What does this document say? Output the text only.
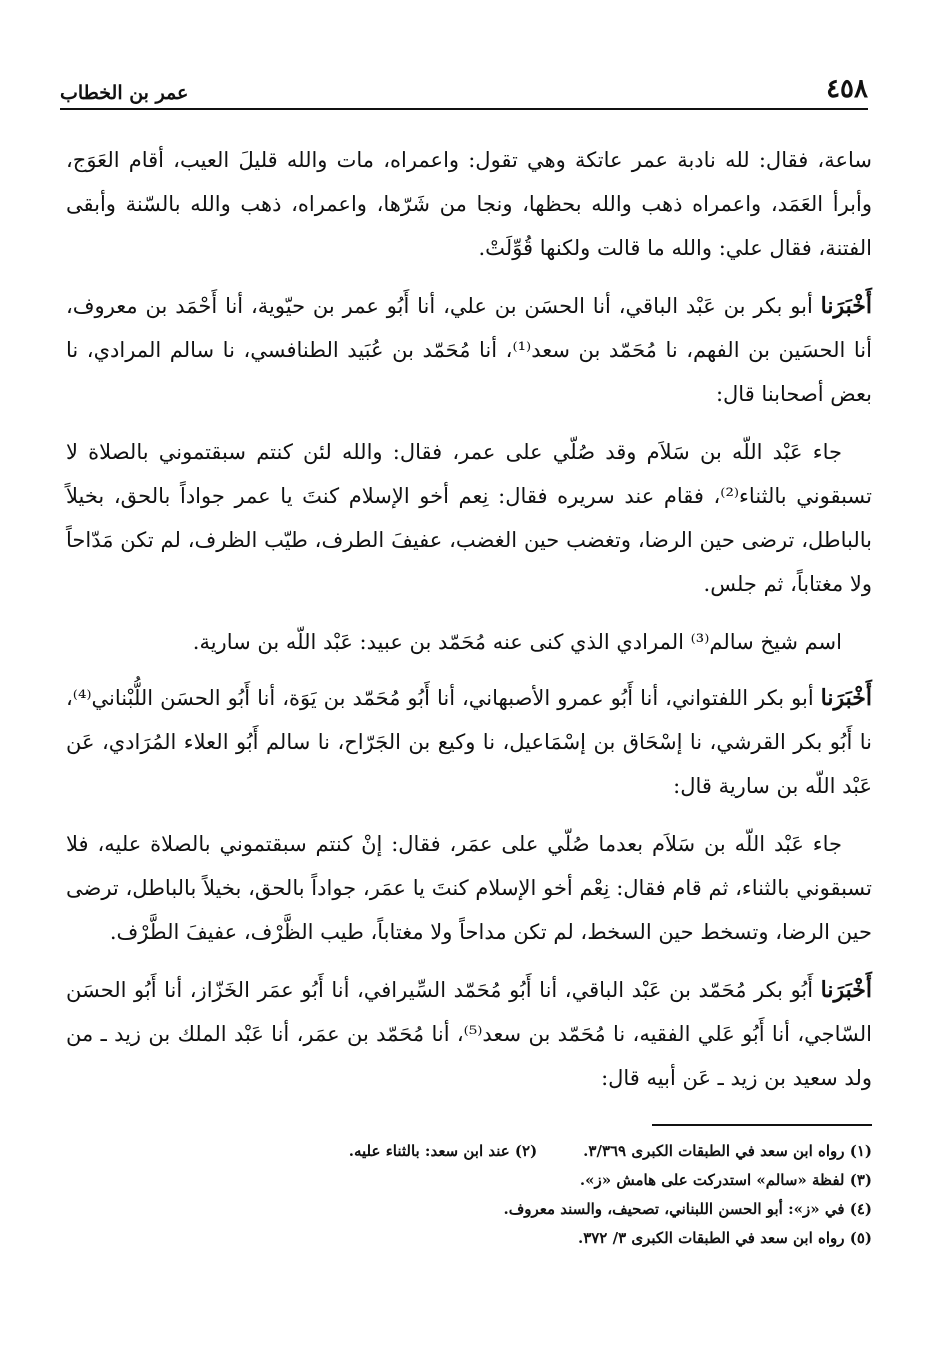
٤٥٨
عمر بن الخطاب

ساعة، فقال: لله نادبة عمر عاتكة وهي تقول: واعمراه، مات والله قليلَ العيب، أقام العَوَج، وأبرأ العَمَد، واعمراه ذهب والله بحظها، ونجا من شَرّها، واعمراه، ذهب والله بالسّنة وأبقى الفتنة، فقال علي: والله ما قالت ولكنها قُوِّلَتْ.

أَخْبَرَنا أبو بكر بن عَبْد الباقي، أنا الحسَن بن علي، أنا أَبُو عمر بن حيّوية، أنا أَحْمَد بن معروف، أنا الحسَين بن الفهم، نا مُحَمّد بن سعد⁽¹⁾، أنا مُحَمّد بن عُبَيد الطنافسي، نا سالم المرادي، نا بعض أصحابنا قال:

جاء عَبْد اللّه بن سَلاَم وقد صُلّي على عمر، فقال: والله لئن كنتم سبقتموني بالصلاة لا تسبقوني بالثناء⁽²⁾، فقام عند سريره فقال: نِعم أخو الإسلام كنتَ يا عمر جواداً بالحق، بخيلاً بالباطل، ترضى حين الرضا، وتغضب حين الغضب، عفيفَ الطرف، طيّب الظرف، لم تكن مَدّاحاً ولا مغتاباً، ثم جلس.

اسم شيخ سالم⁽³⁾ المرادي الذي كنى عنه مُحَمّد بن عبيد: عَبْد اللّه بن سارية.

أَخْبَرَنا أبو بكر اللفتواني، أنا أَبُو عمرو الأصبهاني، أنا أَبُو مُحَمّد بن يَوَة، أنا أَبُو الحسَن اللُّبْناني⁽⁴⁾، نا أَبُو بكر القرشي، نا إسْحَاق بن إسْمَاعيل، نا وكيع بن الجَرّاح، نا سالم أَبُو العلاء المُرَادي، عَن عَبْد اللّه بن سارية قال:

جاء عَبْد اللّه بن سَلاَم بعدما صُلّي على عمَر، فقال: إنْ كنتم سبقتموني بالصلاة عليه، فلا تسبقوني بالثناء، ثم قام فقال: نِعْم أخو الإسلام كنتَ يا عمَر، جواداً بالحق، بخيلاً بالباطل، ترضى حين الرضا، وتسخط حين السخط، لم تكن مداحاً ولا مغتاباً، طيب الظَّرْف، عفيفَ الطَّرْف.

أَخْبَرَنا أَبُو بكر مُحَمّد بن عَبْد الباقي، أنا أَبُو مُحَمّد السِّيرافي، أنا أَبُو عمَر الخَزّاز، أنا أَبُو الحسَن السّاجي، أنا أَبُو عَلي الفقيه، نا مُحَمّد بن سعد⁽⁵⁾، أنا مُحَمّد بن عمَر، أنا عَبْد الملك بن زيد ـ من ولد سعيد بن زيد ـ عَن أبيه قال:

(١) رواه ابن سعد في الطبقات الكبرى ٣/٣٦٩.
(٢) عند ابن سعد: بالثناء عليه.
(٣) لفظة «سالم» استدركت على هامش «ز».
(٤) في «ز»: أبو الحسن اللبناني، تصحيف، والسند معروف.
(٥) رواه ابن سعد في الطبقات الكبرى ٣/ ٣٧٢.
